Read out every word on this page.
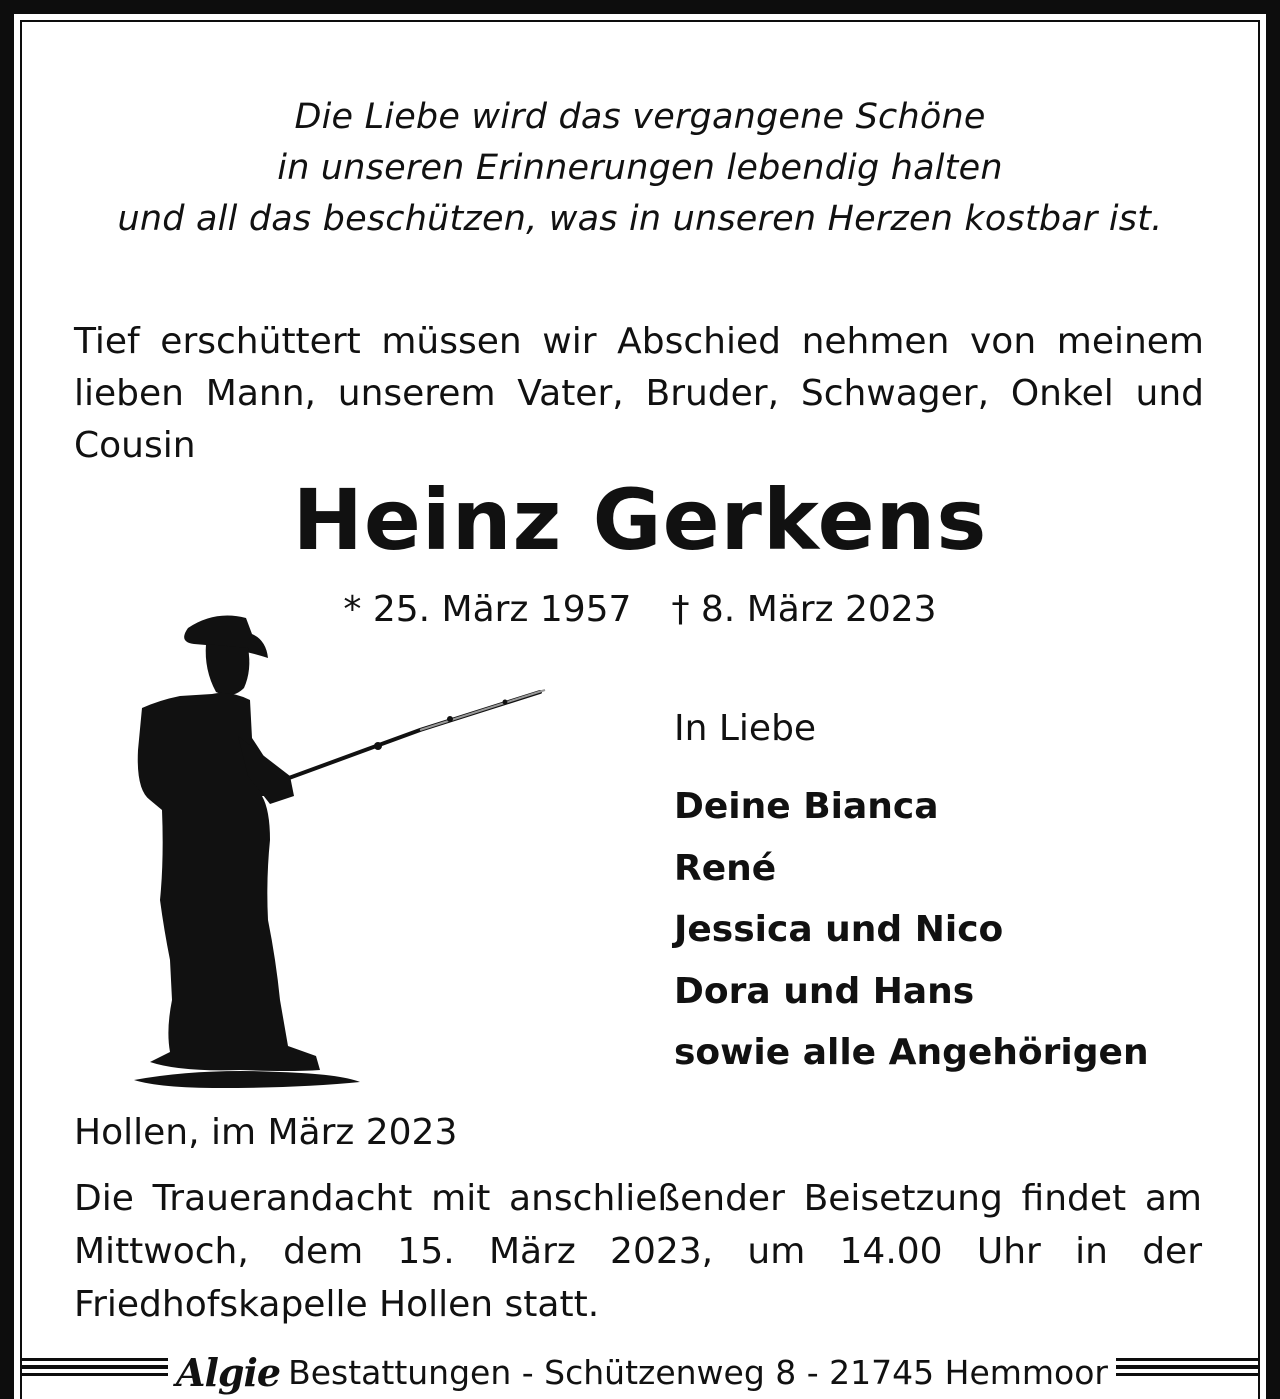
Die Liebe wird das vergangene Schöne
in unseren Erinnerungen lebendig halten
und all das beschützen, was in unseren Herzen kostbar ist.
Tief erschüttert müssen wir Abschied nehmen von meinem lieben Mann, unserem Vater, Bruder, Schwager, Onkel und Cousin
Heinz Gerkens
* 25. März 1957 † 8. März 2023
In Liebe
Deine Bianca
René
Jessica und Nico
Dora und Hans
sowie alle Angehörigen
Hollen, im März 2023
Die Trauerandacht mit anschließender Beisetzung findet am Mittwoch, dem 15. März 2023, um 14.00 Uhr in der Friedhofskapelle Hollen statt.
Algie Bestattungen - Schützenweg 8 - 21745 Hemmoor
